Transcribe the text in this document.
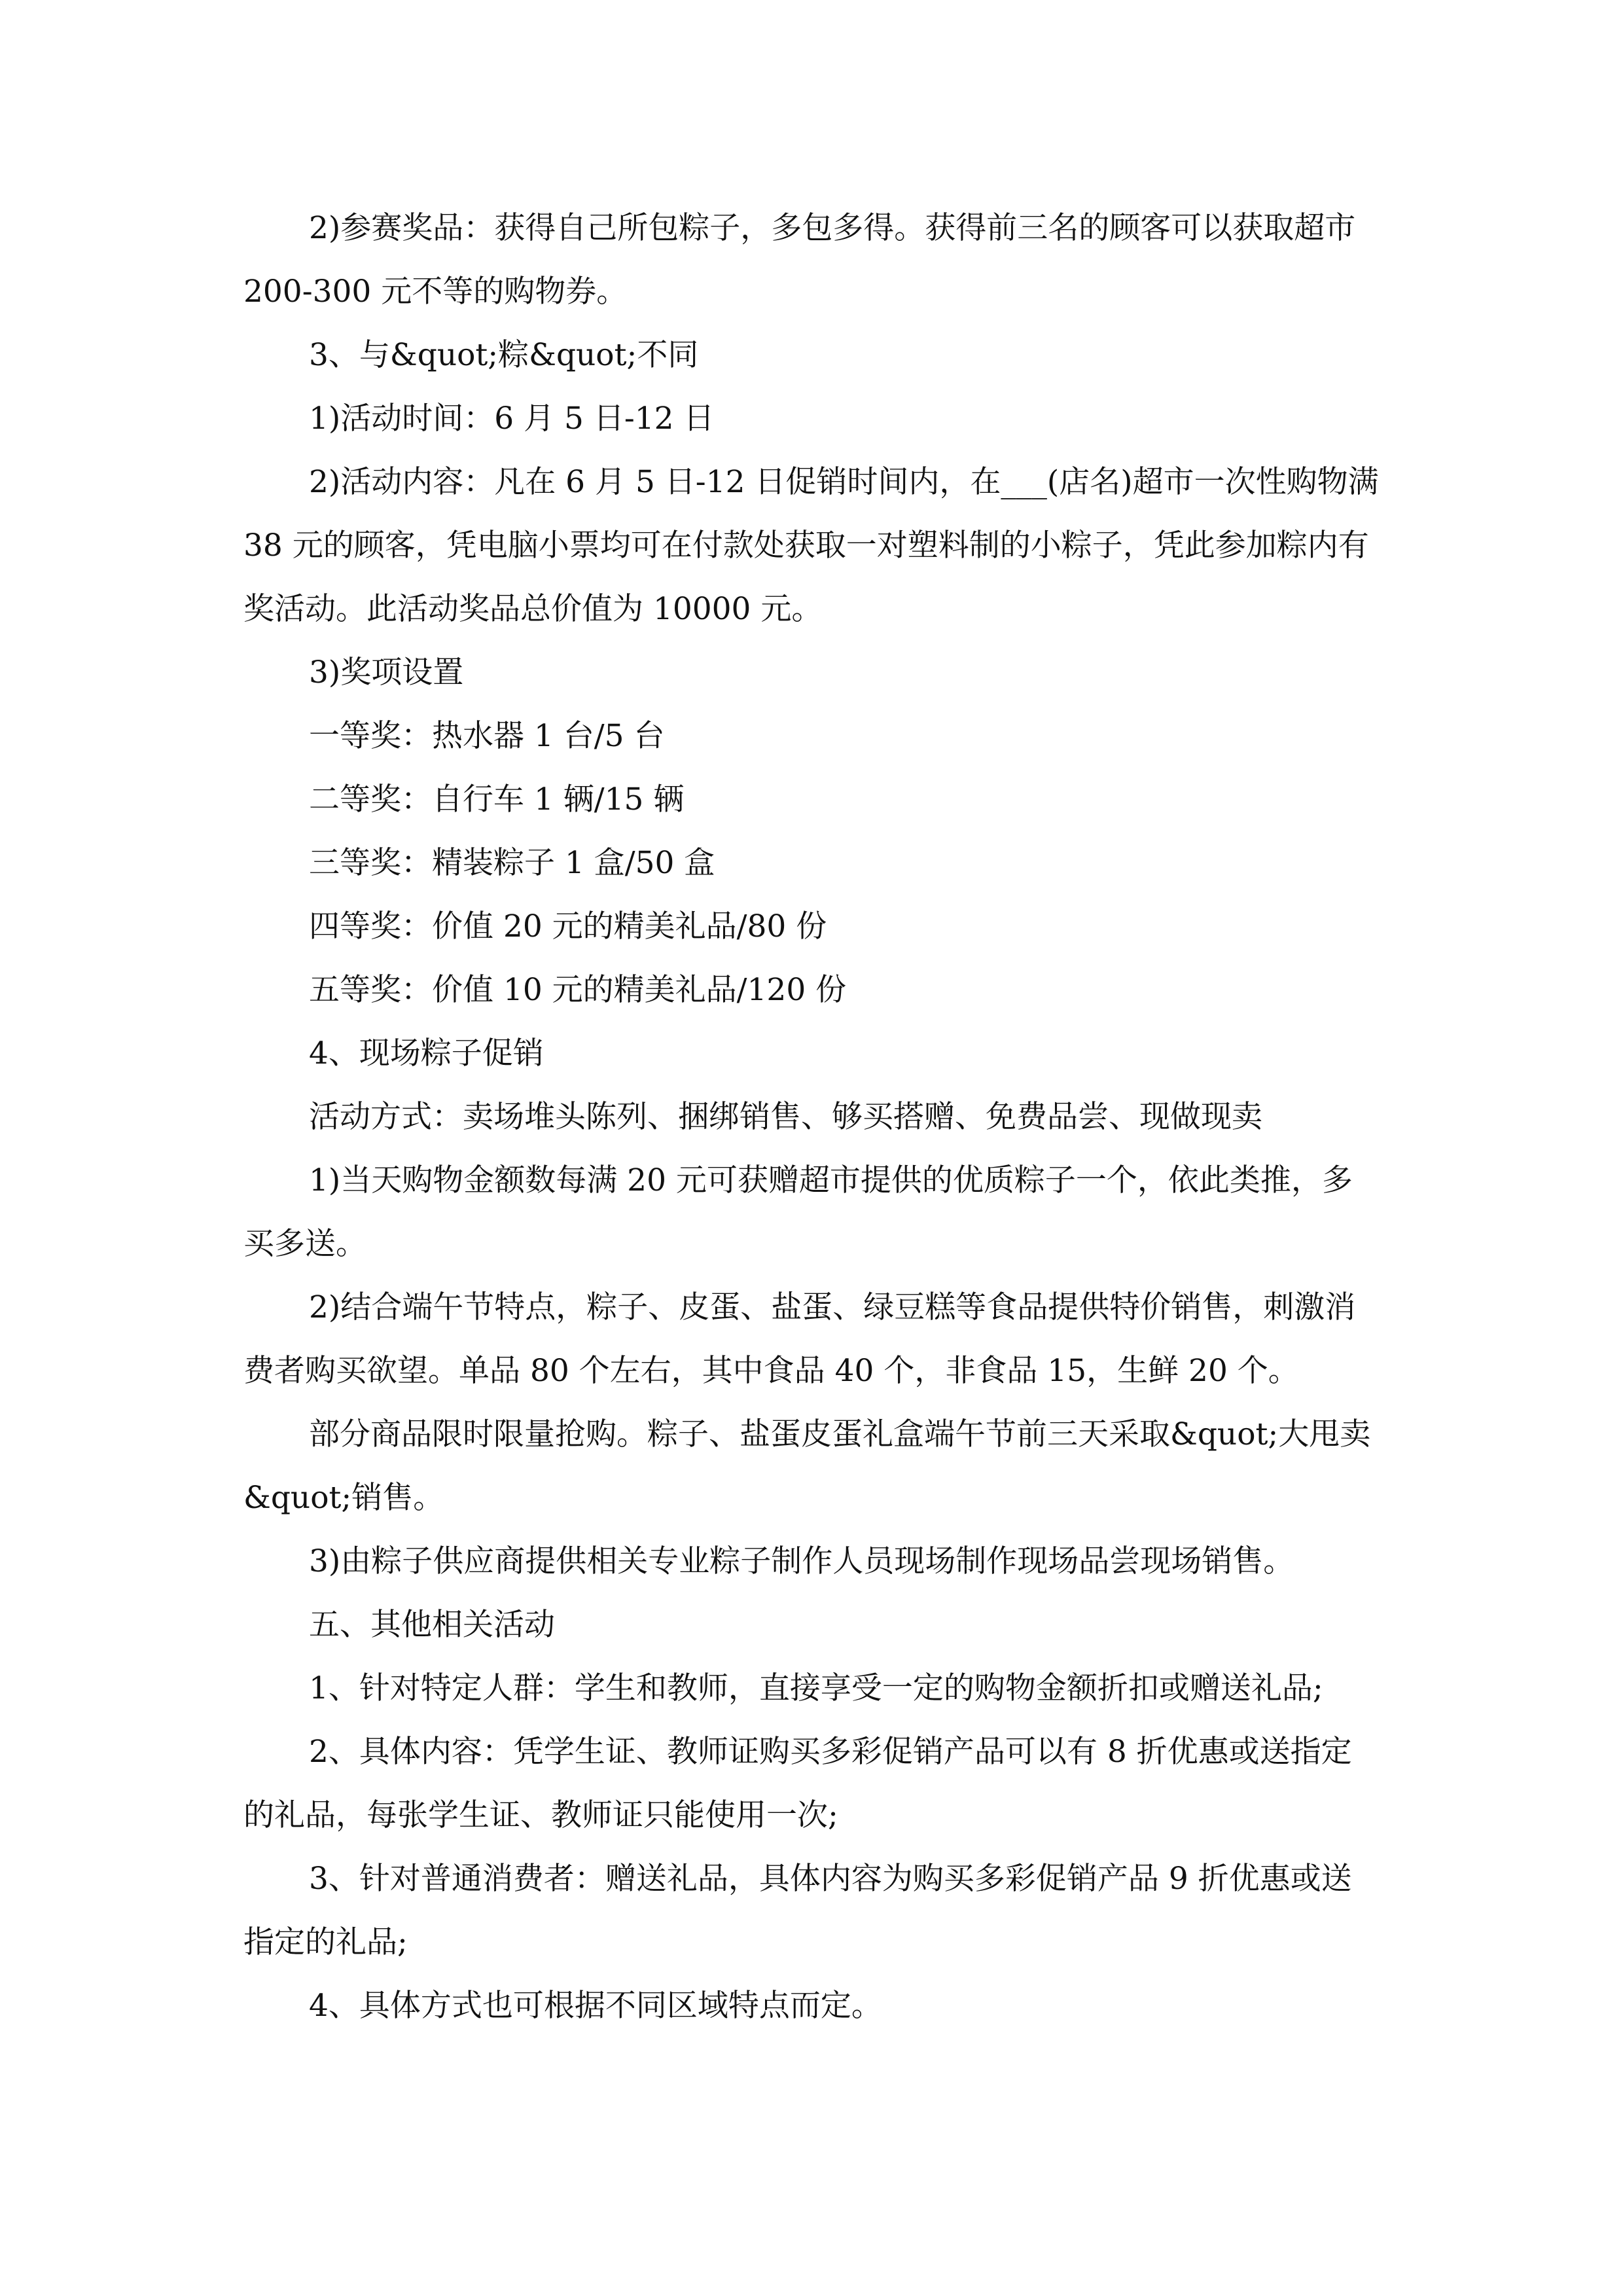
2)参赛奖品：获得自己所包粽子，多包多得。获得前三名的顾客可以获取超市 200-300 元不等的购物券。

3、与&quot;粽&quot;不同

1)活动时间：6 月 5 日-12 日

2)活动内容：凡在 6 月 5 日-12 日促销时间内，在___(店名)超市一次性购物满 38 元的顾客，凭电脑小票均可在付款处获取一对塑料制的小粽子，凭此参加粽内有奖活动。此活动奖品总价值为 10000 元。

3)奖项设置

一等奖：热水器 1 台/5 台

二等奖：自行车 1 辆/15 辆

三等奖：精装粽子 1 盒/50 盒

四等奖：价值 20 元的精美礼品/80 份

五等奖：价值 10 元的精美礼品/120 份

4、现场粽子促销

活动方式：卖场堆头陈列、捆绑销售、够买搭赠、免费品尝、现做现卖

1)当天购物金额数每满 20 元可获赠超市提供的优质粽子一个，依此类推，多买多送。

2)结合端午节特点，粽子、皮蛋、盐蛋、绿豆糕等食品提供特价销售，刺激消费者购买欲望。单品 80 个左右，其中食品 40 个，非食品 15，生鲜 20 个。

部分商品限时限量抢购。粽子、盐蛋皮蛋礼盒端午节前三天采取&quot;大甩卖&quot;销售。

3)由粽子供应商提供相关专业粽子制作人员现场制作现场品尝现场销售。

五、其他相关活动

1、针对特定人群：学生和教师，直接享受一定的购物金额折扣或赠送礼品;

2、具体内容：凭学生证、教师证购买多彩促销产品可以有 8 折优惠或送指定的礼品，每张学生证、教师证只能使用一次;

3、针对普通消费者：赠送礼品，具体内容为购买多彩促销产品 9 折优惠或送指定的礼品;

4、具体方式也可根据不同区域特点而定。
